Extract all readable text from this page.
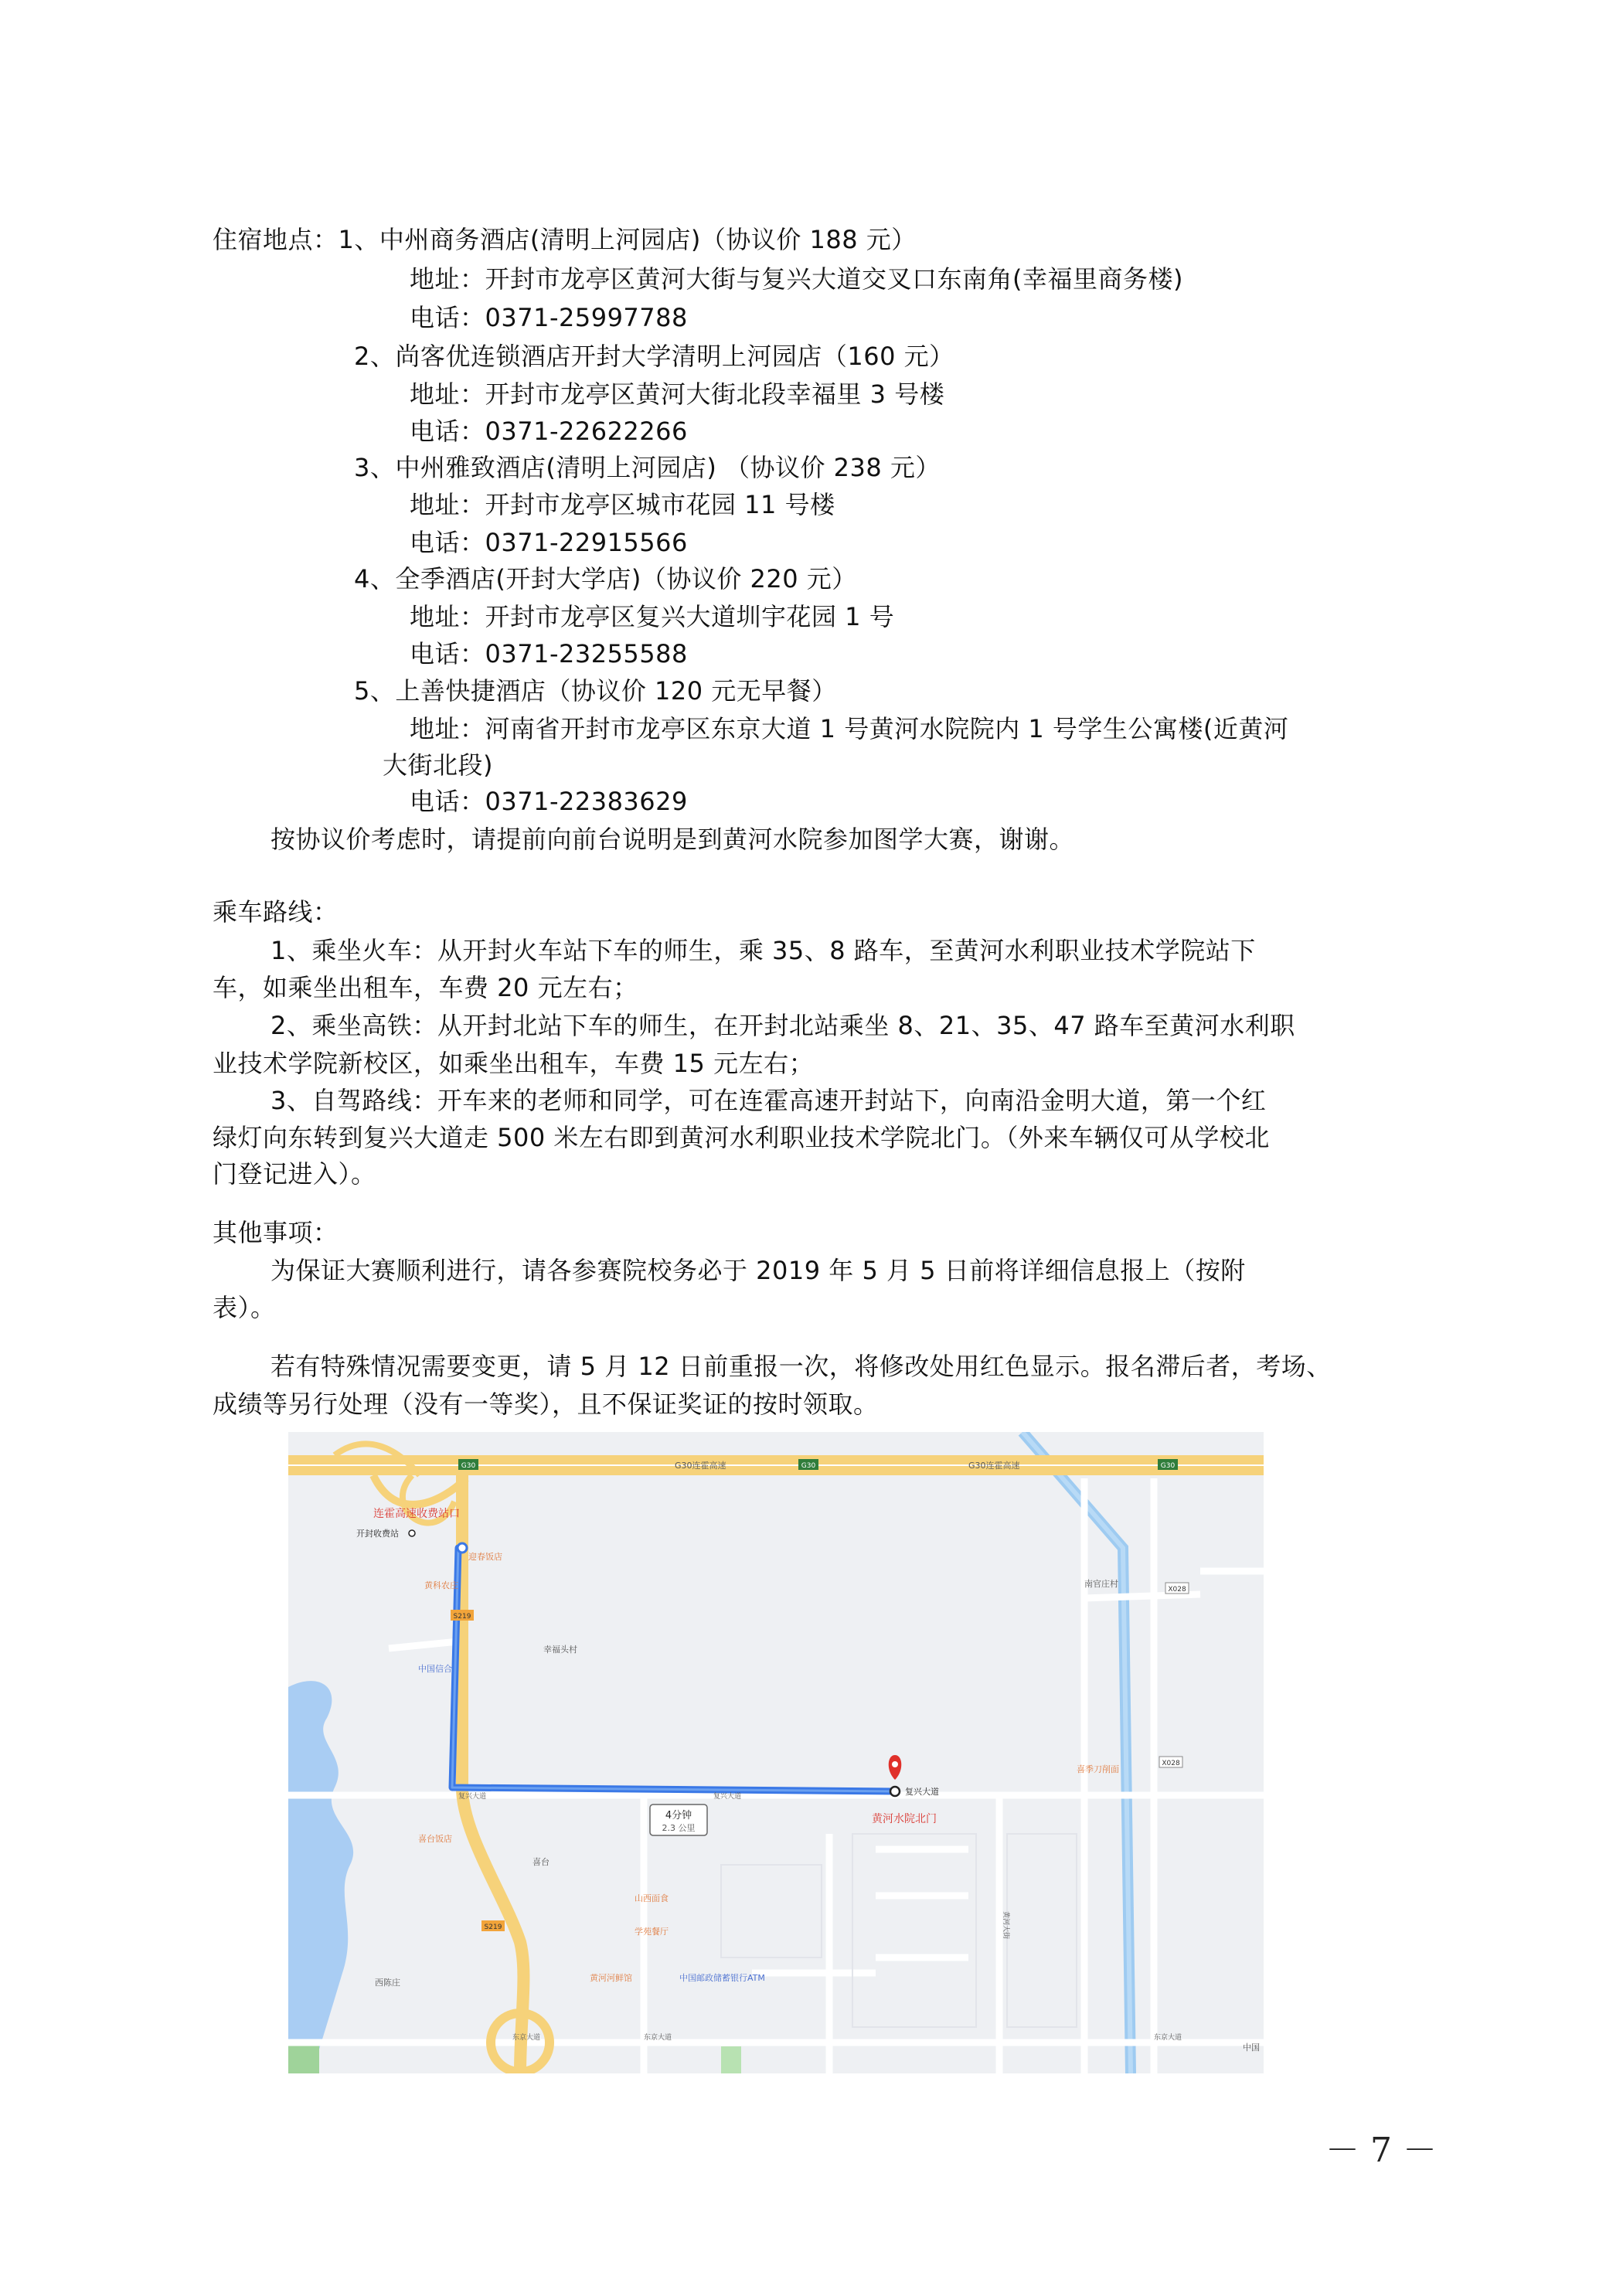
住宿地点：1、中州商务酒店(清明上河园店)（协议价 188 元）
地址：开封市龙亭区黄河大街与复兴大道交叉口东南角(幸福里商务楼)
电话：0371-25997788
2、尚客优连锁酒店开封大学清明上河园店（160 元）
地址：开封市龙亭区黄河大街北段幸福里 3 号楼
电话：0371-22622266
3、中州雅致酒店(清明上河园店) （协议价 238 元）
地址：开封市龙亭区城市花园 11 号楼
电话：0371-22915566
4、全季酒店(开封大学店)（协议价 220 元）
地址：开封市龙亭区复兴大道圳宇花园 1 号
电话：0371-23255588
5、上善快捷酒店（协议价 120 元无早餐）
地址：河南省开封市龙亭区东京大道 1 号黄河水院院内 1 号学生公寓楼(近黄河
大街北段)
电话：0371-22383629
按协议价考虑时，请提前向前台说明是到黄河水院参加图学大赛，谢谢。
乘车路线：
1、乘坐火车：从开封火车站下车的师生，乘 35、8 路车，至黄河水利职业技术学院站下
车，如乘坐出租车，车费 20 元左右；
2、乘坐高铁：从开封北站下车的师生，在开封北站乘坐 8、21、35、47 路车至黄河水利职
业技术学院新校区，如乘坐出租车，车费 15 元左右；
3、自驾路线：开车来的老师和同学，可在连霍高速开封站下，向南沿金明大道，第一个红
绿灯向东转到复兴大道走 500 米左右即到黄河水利职业技术学院北门。（外来车辆仅可从学校北
门登记进入）。
其他事项：
为保证大赛顺利进行，请各参赛院校务必于 2019 年 5 月 5 日前将详细信息报上（按附
表）。
若有特殊情况需要变更，请 5 月 12 日前重报一次，将修改处用红色显示。报名滞后者，考场、
成绩等另行处理（没有一等奖），且不保证奖证的按时领取。
4分钟
2.3 公里
G30	G30	G30
G30连霍高速	G30连霍高速
S219
S219
X028
X028
连霍高速收费站口
开封收费站
迎春饭店
黄科农庄
中国信合
幸福头村
南官庄村
喜季刀削面
复兴大道	复兴大道	复兴大道
黄河水院北门
喜台饭店
喜台
山西面食
学苑餐厅
黄河河鲜馆	中国邮政储蓄银行ATM
西陈庄
黄河大街
东京大道	东京大道	东京大道
中国
－ 7 －
